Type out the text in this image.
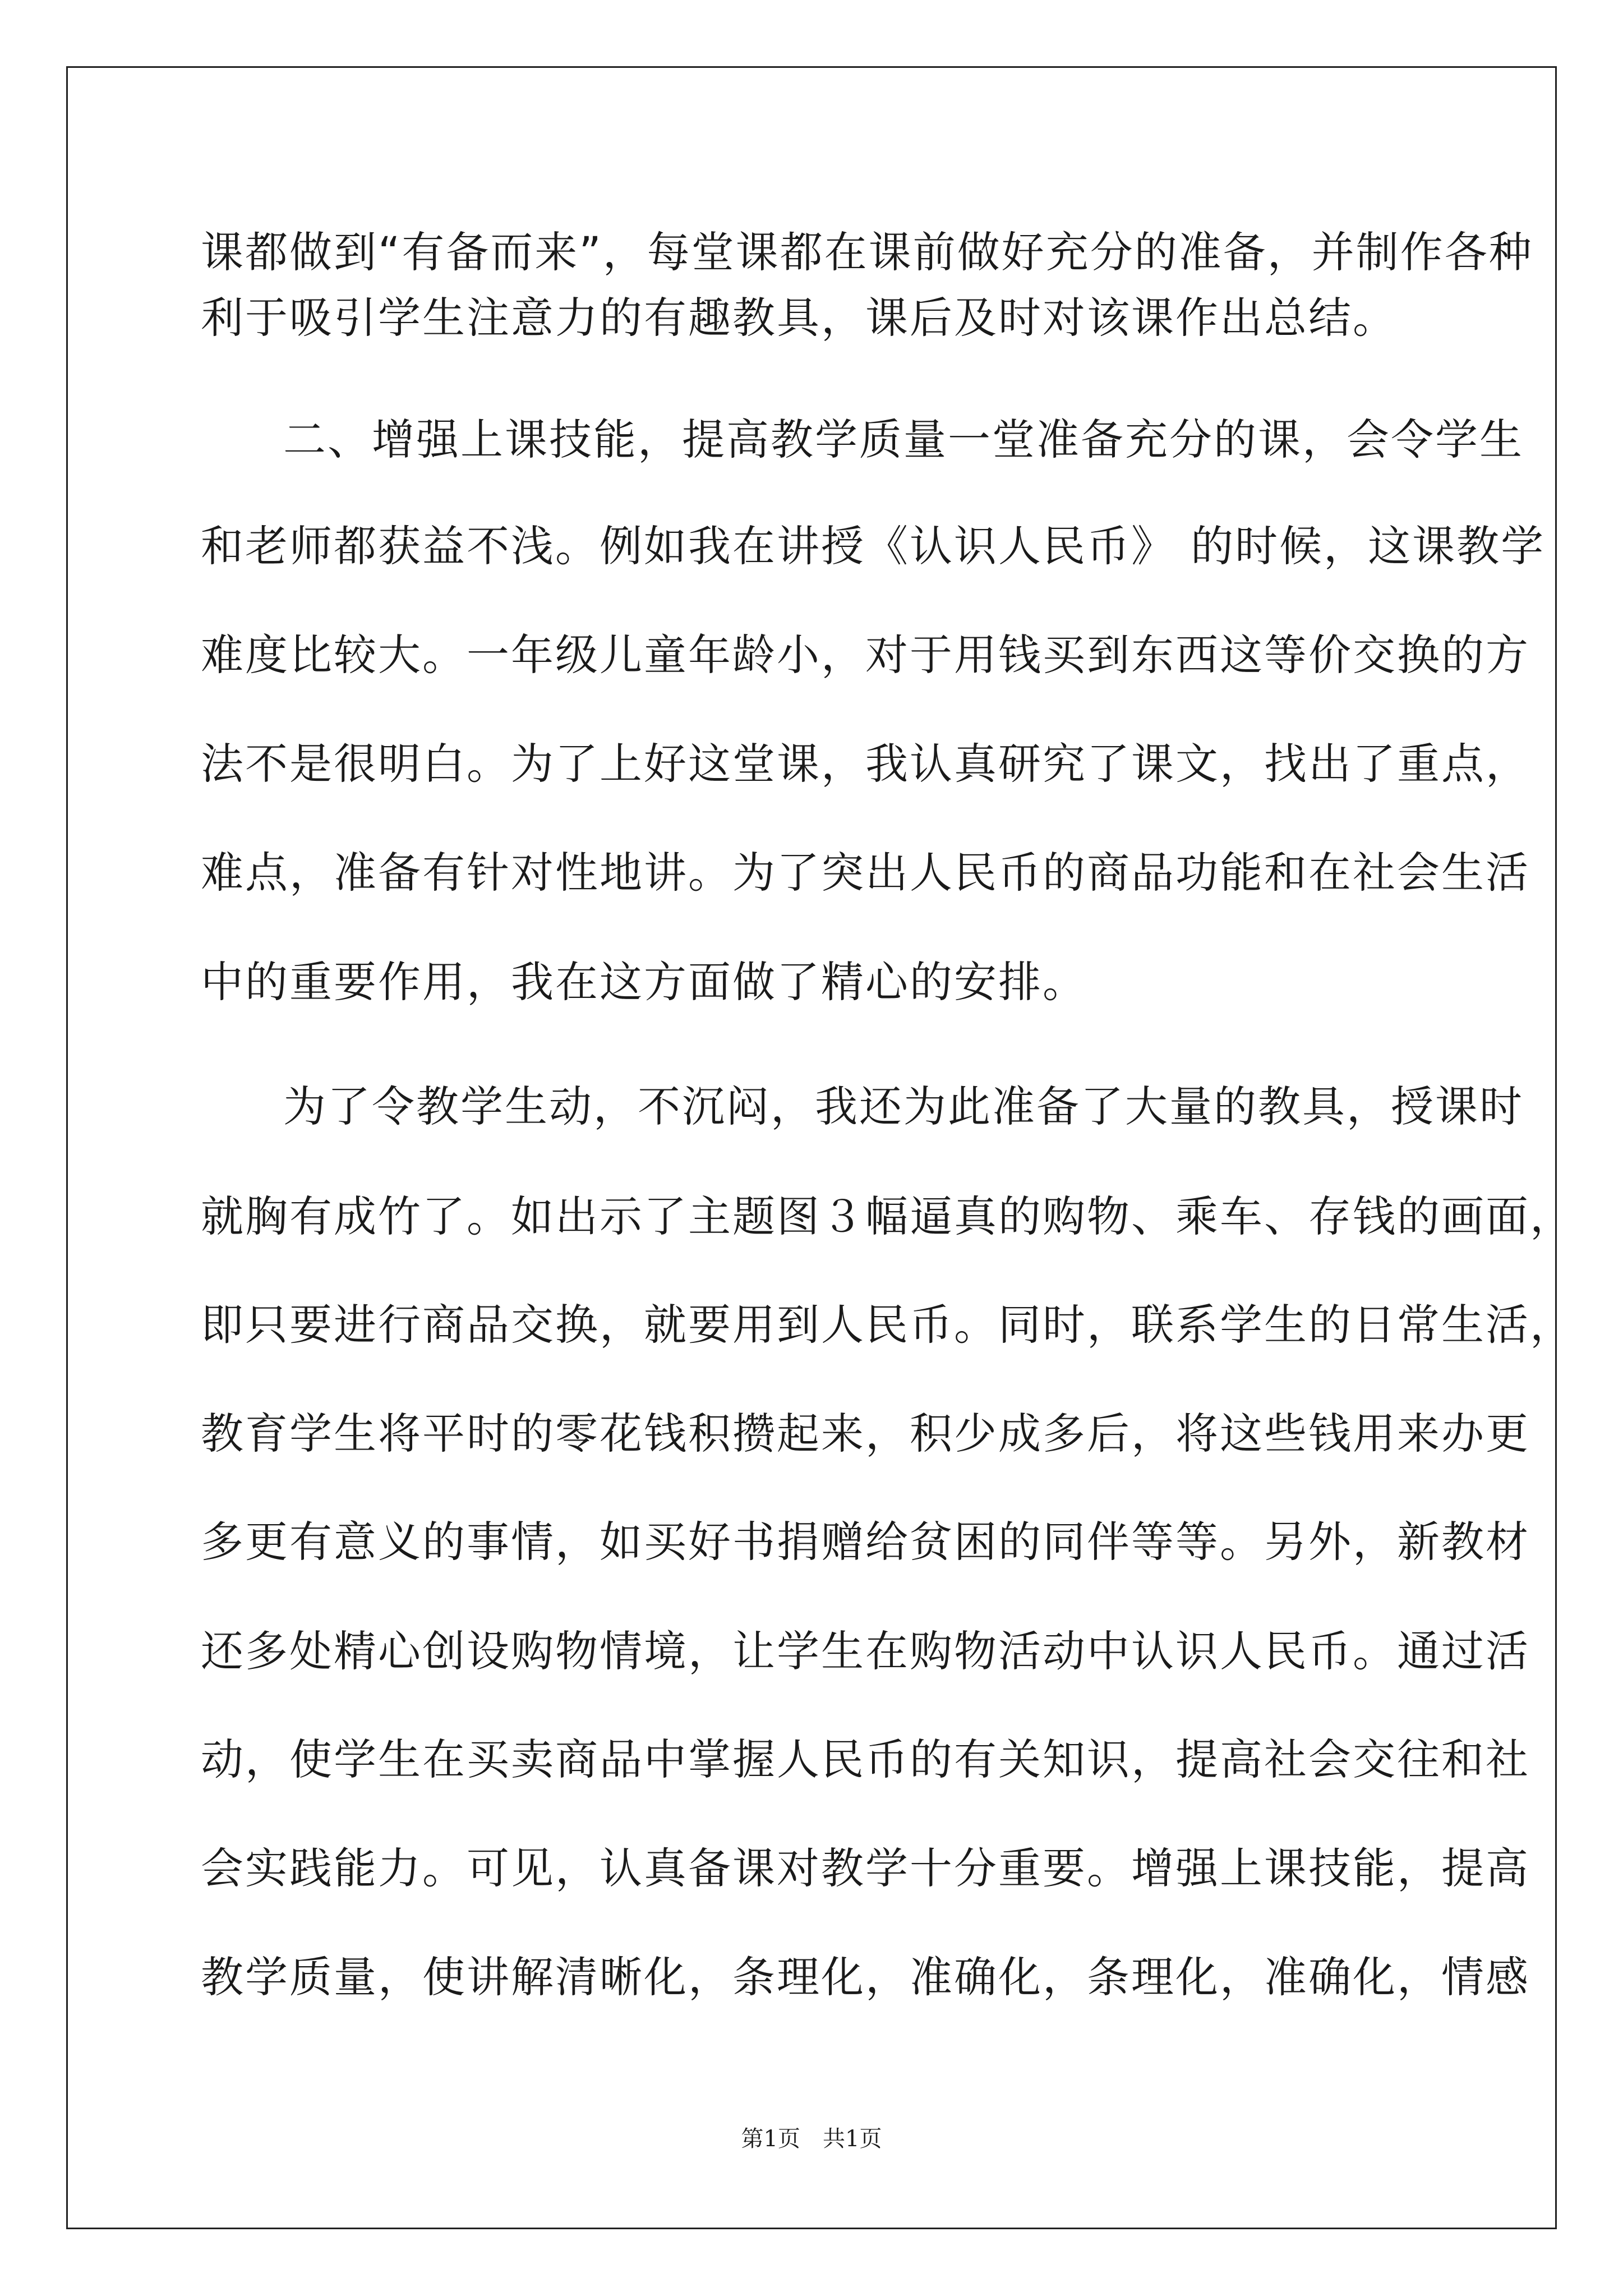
课都做到“有备而来”，每堂课都在课前做好充分的准备，并制作各种
利于吸引学生注意力的有趣教具，课后及时对该课作出总结。
二、增强上课技能，提高教学质量一堂准备充分的课，会令学生
和老师都获益不浅。例如我在讲授《认识人民币》 的时候，这课教学
难度比较大。一年级儿童年龄小，对于用钱买到东西这等价交换的方
法不是很明白。为了上好这堂课，我认真研究了课文，找出了重点，
难点，准备有针对性地讲。为了突出人民币的商品功能和在社会生活
中的重要作用，我在这方面做了精心的安排。
为了令教学生动，不沉闷，我还为此准备了大量的教具，授课时
就胸有成竹了。如出示了主题图３幅逼真的购物、乘车、存钱的画面，
即只要进行商品交换，就要用到人民币。同时，联系学生的日常生活，
教育学生将平时的零花钱积攒起来，积少成多后，将这些钱用来办更
多更有意义的事情，如买好书捐赠给贫困的同伴等等。另外，新教材
还多处精心创设购物情境，让学生在购物活动中认识人民币。通过活
动，使学生在买卖商品中掌握人民币的有关知识，提高社会交往和社
会实践能力。可见，认真备课对教学十分重要。增强上课技能，提高
教学质量，使讲解清晰化，条理化，准确化，条理化，准确化，情感
第1页　共1页
